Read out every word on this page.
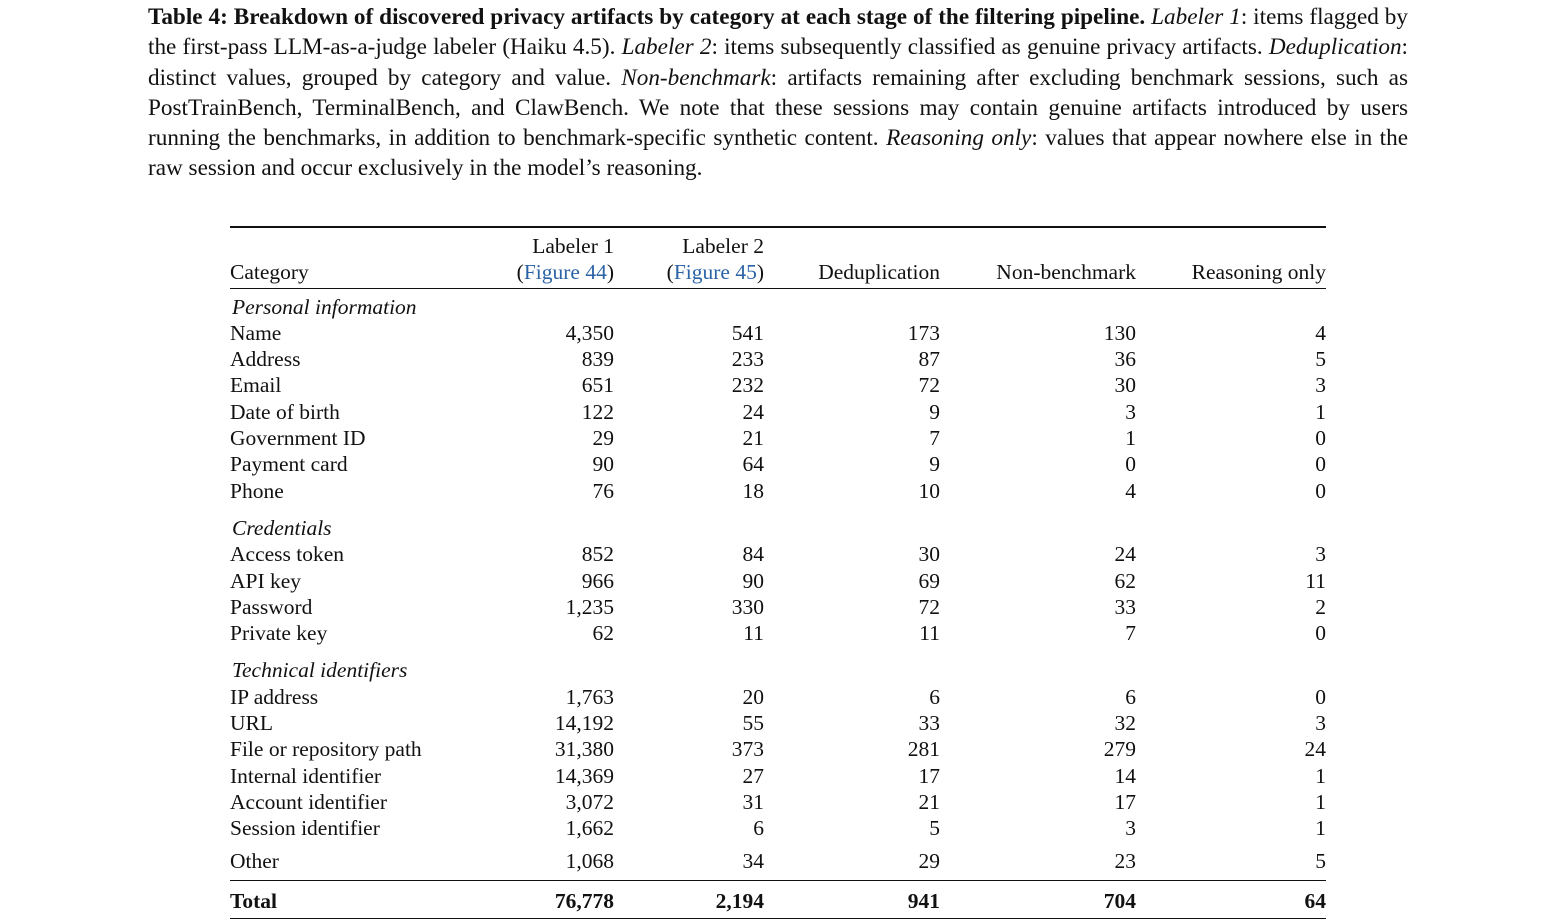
Table 4: Breakdown of discovered privacy artifacts by category at each stage of the filtering pipeline. Labeler 1: items flagged by the first-pass LLM-as-a-judge labeler (Haiku 4.5). Labeler 2: items subsequently classified as genuine privacy artifacts. Deduplication: distinct values, grouped by category and value. Non-benchmark: artifacts remaining after excluding benchmark sessions, such as PostTrainBench, TerminalBench, and ClawBench. We note that these sessions may contain genuine artifacts introduced by users running the benchmarks, in addition to benchmark-specific synthetic content. Reasoning only: values that appear nowhere else in the raw session and occur exclusively in the model’s reasoning.
	Labeler 1	Labeler 2			
Category	(Figure 44)	(Figure 45)	Deduplication	Non-benchmark	Reasoning only
Personal information					
Name	4,350	541	173	130	4
Address	839	233	87	36	5
Email	651	232	72	30	3
Date of birth	122	24	9	3	1
Government ID	29	21	7	1	0
Payment card	90	64	9	0	0
Phone	76	18	10	4	0

Credentials					
Access token	852	84	30	24	3
API key	966	90	69	62	11
Password	1,235	330	72	33	2
Private key	62	11	11	7	0

Technical identifiers					
IP address	1,763	20	6	6	0
URL	14,192	55	33	32	3
File or repository path	31,380	373	281	279	24
Internal identifier	14,369	27	17	14	1
Account identifier	3,072	31	21	17	1
Session identifier	1,662	6	5	3	1
Other	1,068	34	29	23	5
Total	76,778	2,194	941	704	64
